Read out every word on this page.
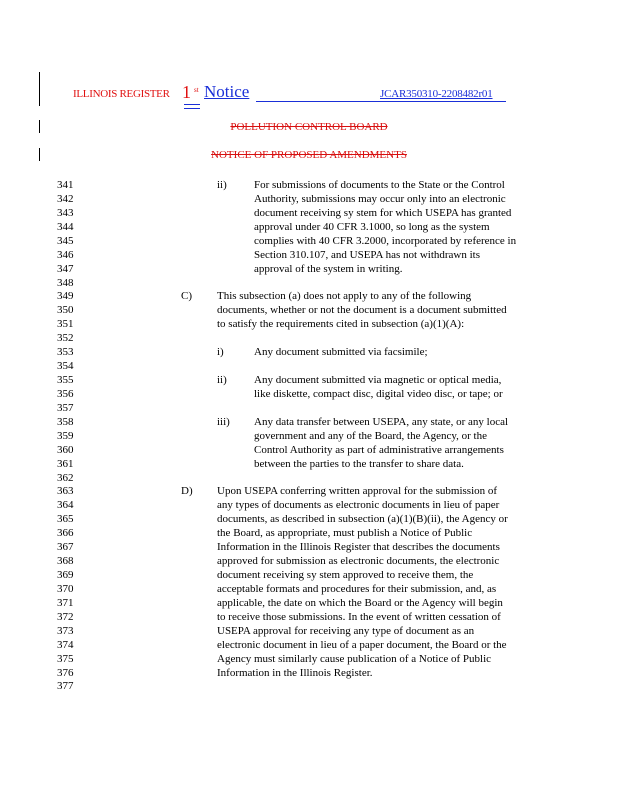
ILLINOIS REGISTER 1 st Notice	JCAR350310-2208482r01
POLLUTION CONTROL BOARD
NOTICE OF PROPOSED AMENDMENTS
341	ii) For submissions of documents to the State or the Control
342	Authority, submissions may occur only into an electronic
343	document receiving sy stem for which USEPA has granted
344	approval under 40 CFR 3.1000, so long as the system
345	complies with 40 CFR 3.2000, incorporated by reference in
346	Section 310.107, and USEPA has not withdrawn its
347	approval of the system in writing.
348
349	C) This subsection (a) does not apply to any of the following
350	documents, whether or not the document is a document submitted
351	to satisfy the requirements cited in subsection (a)(1)(A):
352
353	i)	Any document submitted via facsimile;
354
355	ii) Any document submitted via magnetic or optical media,
356	like diskette, compact disc, digital video disc, or tape; or
357
358	iii) Any data transfer between USEPA, any state, or any local
359	government and any of the Board, the Agency, or the
360	Control Authority as part of administrative arrangements
361	between the parties to the transfer to share data.
362
363	D) Upon USEPA conferring written approval for the submission of
364	any types of documents as electronic documents in lieu of paper
365	documents, as described in subsection (a)(1)(B)(ii), the Agency or
366	the Board, as appropriate, must publish a Notice of Public
367	Information in the Illinois Register that describes the documents
368	approved for submission as electronic documents, the electronic
369	document receiving sy stem approved to receive them, the
370	acceptable formats and procedures for their submission, and, as
371	applicable, the date on which the Board or the Agency will begin
372	to receive those submissions. In the event of written cessation of
373	USEPA approval for receiving any type of document as an
374	electronic document in lieu of a paper document, the Board or the
375	Agency must similarly cause publication of a Notice of Public
376	Information in the Illinois Register.
377
